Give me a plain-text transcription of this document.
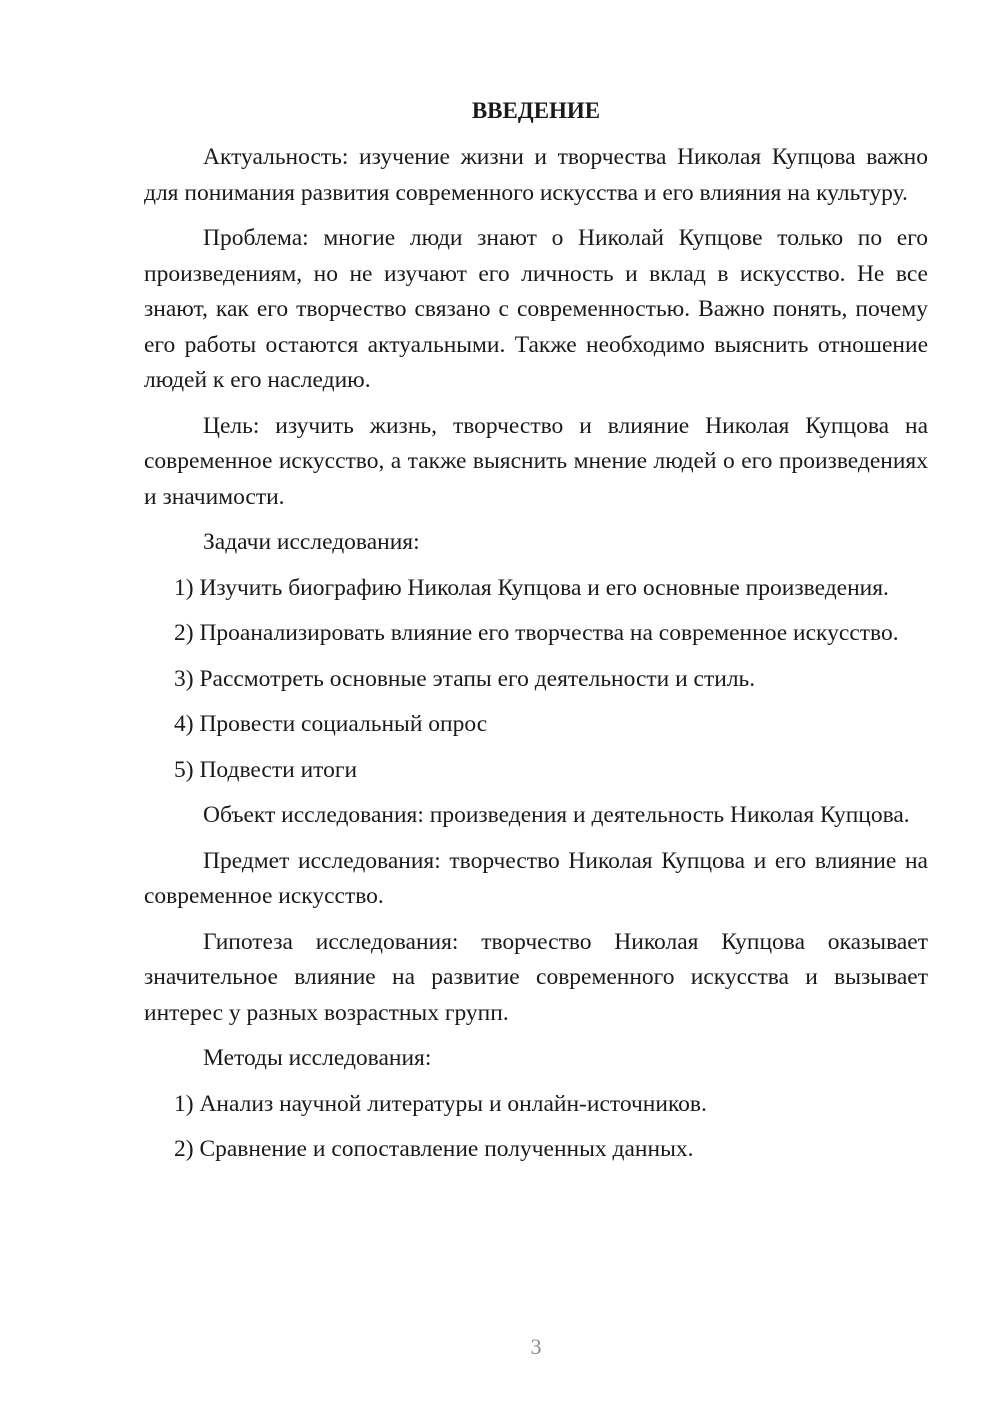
ВВЕДЕНИЕ

Актуальность: изучение жизни и творчества Николая Купцова важно для понимания развития современного искусства и его влияния на культуру.

Проблема: многие люди знают о Николай Купцове только по его произведениям, но не изучают его личность и вклад в искусство. Не все знают, как его творчество связано с современностью. Важно понять, почему его работы остаются актуальными. Также необходимо выяснить отношение людей к его наследию.

Цель: изучить жизнь, творчество и влияние Николая Купцова на современное искусство, а также выяснить мнение людей о его произведениях и значимости.

Задачи исследования:

1) Изучить биографию Николая Купцова и его основные произведения.

2) Проанализировать влияние его творчества на современное искусство.

3) Рассмотреть основные этапы его деятельности и стиль.

4) Провести социальный опрос

5) Подвести итоги

Объект исследования: произведения и деятельность Николая Купцова.

Предмет исследования: творчество Николая Купцова и его влияние на современное искусство.

Гипотеза исследования: творчество Николая Купцова оказывает значительное влияние на развитие современного искусства и вызывает интерес у разных возрастных групп.

Методы исследования:

1) Анализ научной литературы и онлайн-источников.

2) Сравнение и сопоставление полученных данных.

3
